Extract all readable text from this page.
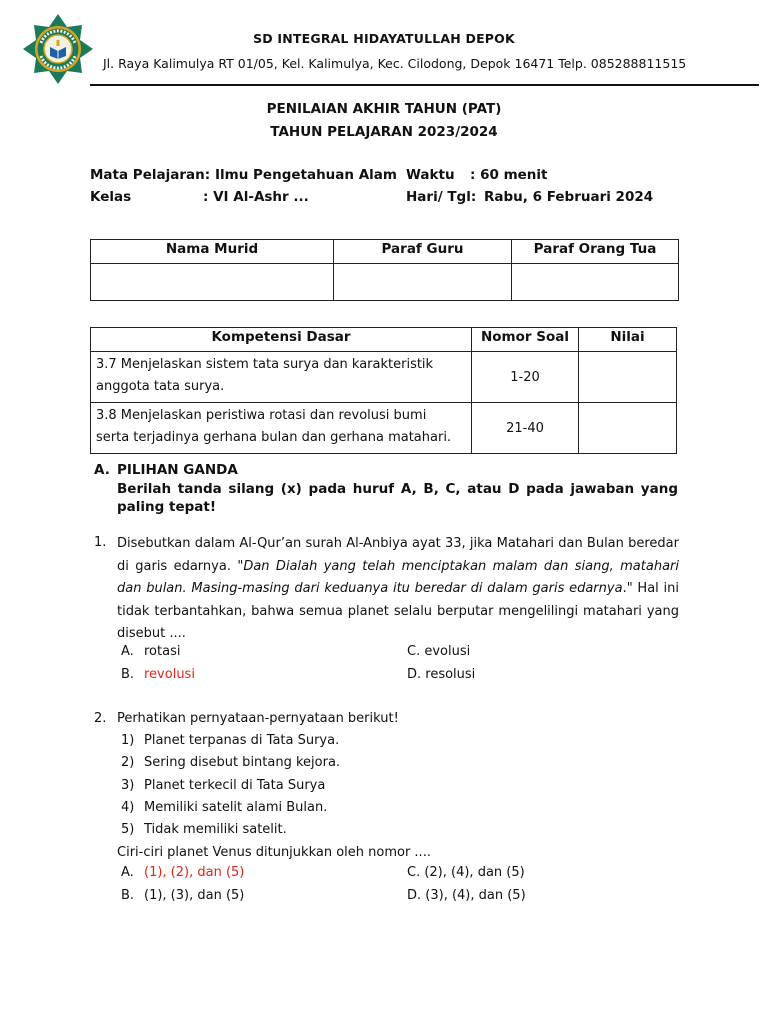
SD INTEGRAL HIDAYATULLAH DEPOK
Jl. Raya Kalimulya RT 01/05, Kel. Kalimulya, Kec. Cilodong, Depok 16471 Telp. 085288811515
PENILAIAN AKHIR TAHUN (PAT)
TAHUN PELAJARAN 2023/2024
Mata Pelajaran: Ilmu Pengetahuan Alam Waktu : 60 menit
Kelas	: VI Al-Ashr ...	Hari/ Tgl: Rabu, 6 Februari 2024
Nama Murid	Paraf Guru	Paraf Orang Tua

Kompetensi Dasar	Nomor Soal	Nilai
3.7 Menjelaskan sistem tata surya dan karakteristik
anggota tata surya.	1-20	
3.8 Menjelaskan peristiwa rotasi dan revolusi bumi
serta terjadinya gerhana bulan dan gerhana matahari.	21-40	
A. PILIHAN GANDA
Berilah tanda silang (x) pada huruf A, B, C, atau D pada jawaban yang paling tepat!
1. Disebutkan dalam Al-Qur’an surah Al-Anbiya ayat 33, jika Matahari dan Bulan beredar di garis edarnya. "Dan Dialah yang telah menciptakan malam dan siang, matahari dan bulan. Masing-masing dari keduanya itu beredar di dalam garis edarnya." Hal ini tidak terbantahkan, bahwa semua planet selalu berputar mengelilingi matahari yang disebut ....
A. rotasi	C. evolusi
B. revolusi	D. resolusi
2. Perhatikan pernyataan-pernyataan berikut!
1) Planet terpanas di Tata Surya.
2) Sering disebut bintang kejora.
3) Planet terkecil di Tata Surya
4) Memiliki satelit alami Bulan.
5) Tidak memiliki satelit.
Ciri-ciri planet Venus ditunjukkan oleh nomor ....
A. (1), (2), dan (5)	C. (2), (4), dan (5)
B. (1), (3), dan (5)	D. (3), (4), dan (5)
